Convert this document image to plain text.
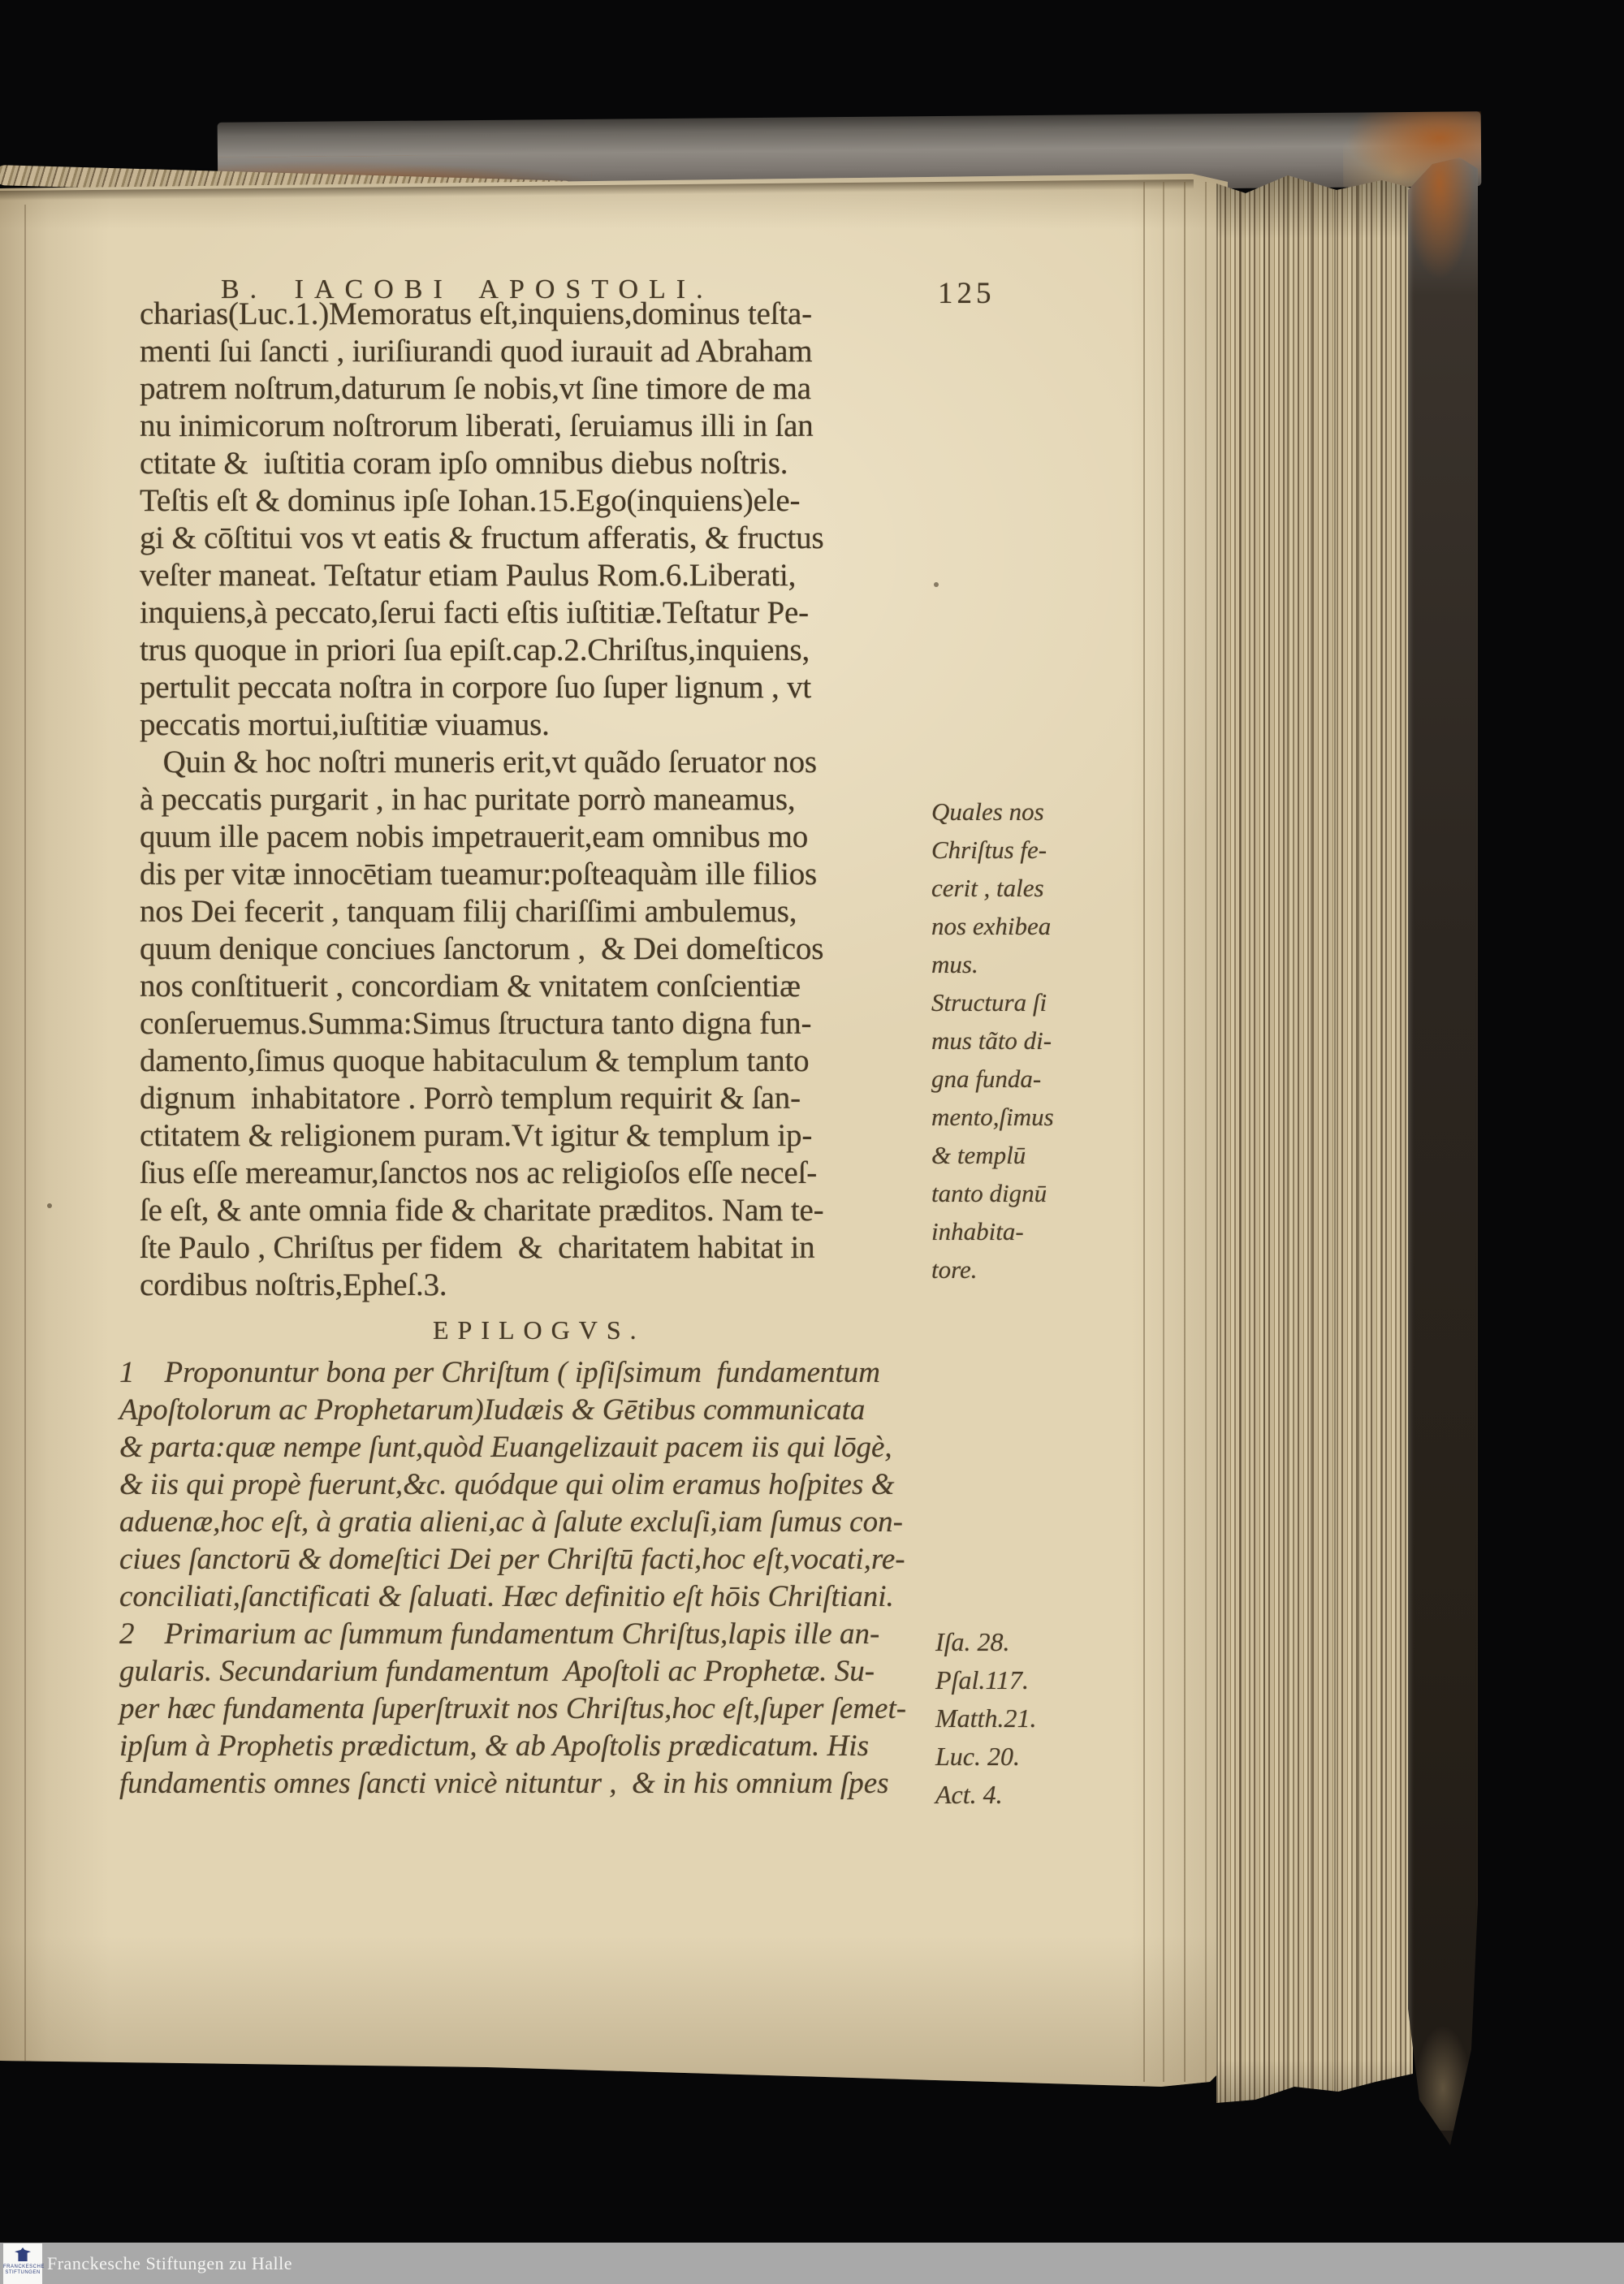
B. IACOBI APOSTOLI.	125
charias(Luc.1.)Memoratus eſt,inquiens,dominus teſta-
menti ſui ſancti , iuriſiurandi quod iurauit ad Abraham
patrem noſtrum,daturum ſe nobis,vt ſine timore de ma
nu inimicorum noſtrorum liberati, ſeruiamus illi in ſan
ctitate &  iuſtitia coram ipſo omnibus diebus noſtris.
Teſtis eſt & dominus ipſe Iohan.15.Ego(inquiens)ele-
gi & cōſtitui vos vt eatis & fructum afferatis, & fructus
veſter maneat. Teſtatur etiam Paulus Rom.6.Liberati,
inquiens,à peccato,ſerui facti eſtis iuſtitiæ.Teſtatur Pe-
trus quoque in priori ſua epiſt.cap.2.Chriſtus,inquiens,
pertulit peccata noſtra in corpore ſuo ſuper lignum , vt
peccatis mortui,iuſtitiæ viuamus.
Quin & hoc noſtri muneris erit,vt quãdo ſeruator nos
à peccatis purgarit , in hac puritate porrò maneamus,
quum ille pacem nobis impetrauerit,eam omnibus mo
dis per vitæ innocētiam tueamur:poſteaquàm ille filios
nos Dei fecerit , tanquam filij chariſſimi ambulemus,
quum denique conciues ſanctorum ,  & Dei domeſticos
nos conſtituerit , concordiam & vnitatem conſcientiæ
conſeruemus.Summa:Simus ſtructura tanto digna fun-
damento,ſimus quoque habitaculum & templum tanto
dignum  inhabitatore . Porrò templum requirit & ſan-
ctitatem & religionem puram.Vt igitur & templum ip-
ſius eſſe mereamur,ſanctos nos ac religioſos eſſe neceſ-
ſe eſt, & ante omnia fide & charitate præditos. Nam te-
ſte Paulo , Chriſtus per fidem  &  charitatem habitat in
cordibus noſtris,Epheſ.3.
Quales nos
Chriſtus fe-
cerit , tales
nos exhibea
mus.
Structura ſi
mus tãto di-
gna funda-
mento,ſimus
& templū
tanto dignū
inhabita-
tore.
EPILOGVS.
1    Proponuntur bona per Chriſtum ( ipſiſsimum  fundamentum
Apoſtolorum ac Prophetarum)Iudæis & Gētibus communicata
& parta:quæ nempe ſunt,quòd Euangelizauit pacem iis qui lōgè,
& iis qui propè fuerunt,&c. quódque qui olim eramus hoſpites &
aduenæ,hoc eſt, à gratia alieni,ac à ſalute excluſi,iam ſumus con-
ciues ſanctorū & domeſtici Dei per Chriſtū facti,hoc eſt,vocati,re-
conciliati,ſanctificati & ſaluati. Hæc definitio eſt hōis Chriſtiani.
2    Primarium ac ſummum fundamentum Chriſtus,lapis ille an-
gularis. Secundarium fundamentum  Apoſtoli ac Prophetæ. Su-
per hæc fundamenta ſuperſtruxit nos Chriſtus,hoc eſt,ſuper ſemet-
ipſum à Prophetis prædictum, & ab Apoſtolis prædicatum. His
fundamentis omnes ſancti vnicè nituntur ,  & in his omnium ſpes
Iſa. 28.
Pſal.117.
Matth.21.
Luc. 20.
Act. 4.
Franckesche Stiftungen zu Halle
FRANCKESCHE
STIFTUNGEN
